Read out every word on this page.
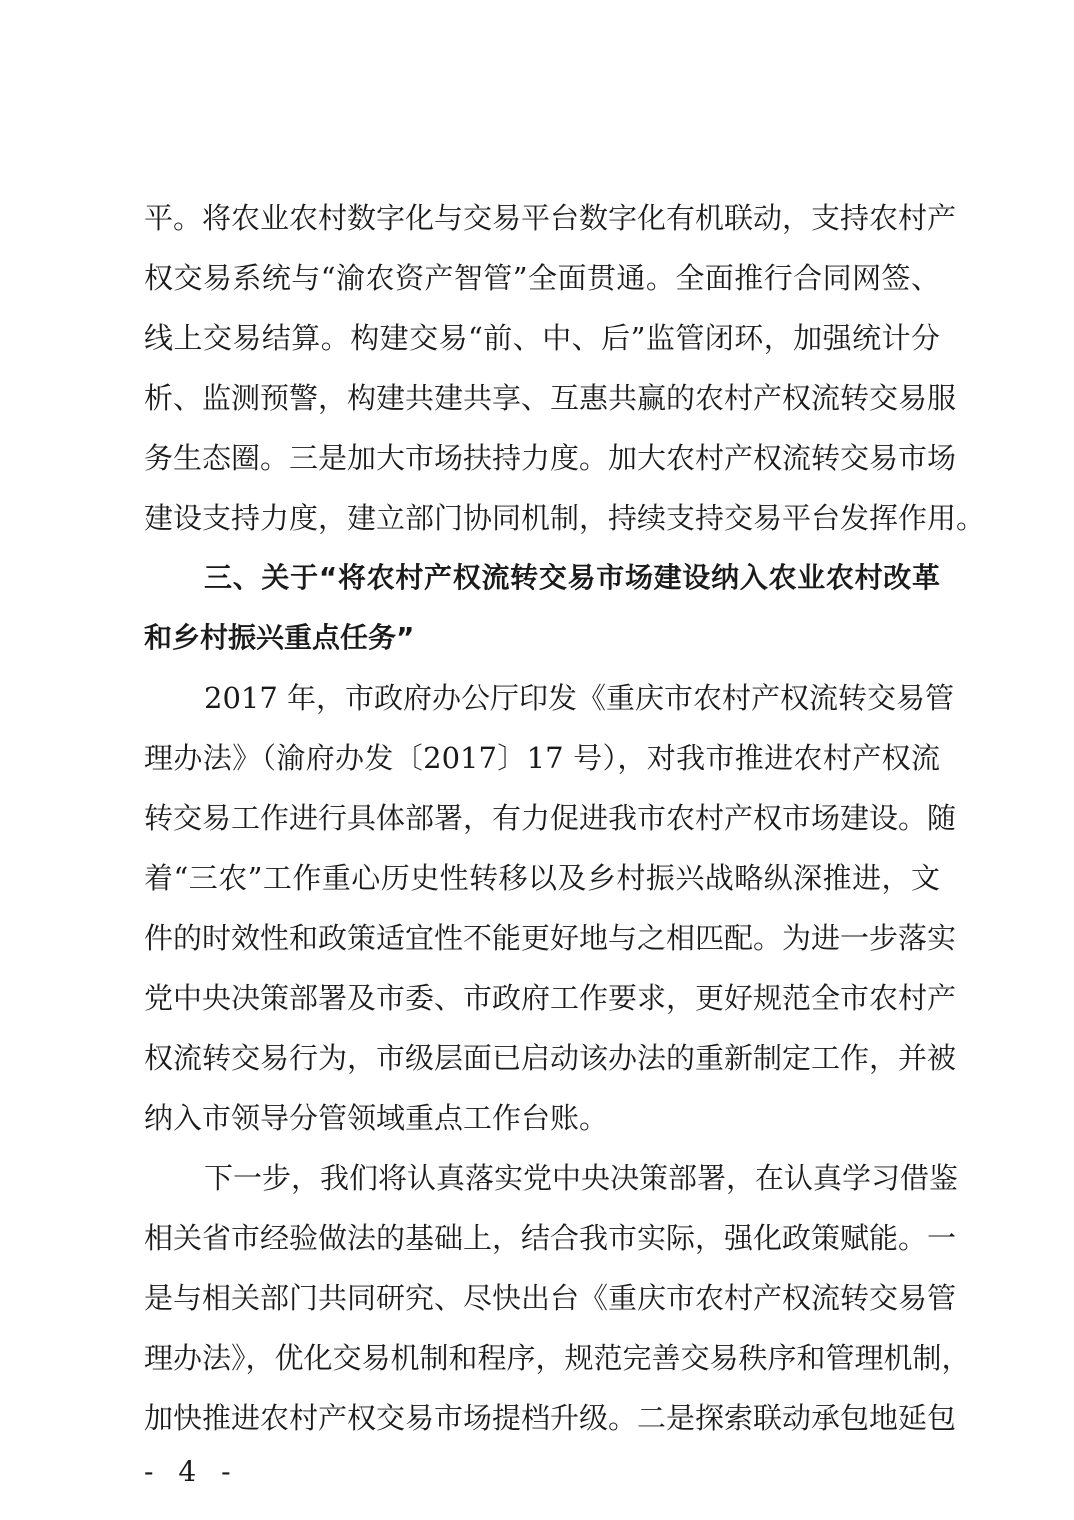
平。将农业农村数字化与交易平台数字化有机联动，支持农村产
权交易系统与“渝农资产智管”全面贯通。全面推行合同网签、
线上交易结算。构建交易“前、中、后”监管闭环，加强统计分
析、监测预警，构建共建共享、互惠共赢的农村产权流转交易服
务生态圈。三是加大市场扶持力度。加大农村产权流转交易市场
建设支持力度，建立部门协同机制，持续支持交易平台发挥作用。
三、关于“将农村产权流转交易市场建设纳入农业农村改革
和乡村振兴重点任务”
2017 年，市政府办公厅印发《重庆市农村产权流转交易管
理办法》（渝府办发〔2017〕17 号），对我市推进农村产权流
转交易工作进行具体部署，有力促进我市农村产权市场建设。随
着“三农”工作重心历史性转移以及乡村振兴战略纵深推进，文
件的时效性和政策适宜性不能更好地与之相匹配。为进一步落实
党中央决策部署及市委、市政府工作要求，更好规范全市农村产
权流转交易行为，市级层面已启动该办法的重新制定工作，并被
纳入市领导分管领域重点工作台账。
下一步，我们将认真落实党中央决策部署，在认真学习借鉴
相关省市经验做法的基础上，结合我市实际，强化政策赋能。一
是与相关部门共同研究、尽快出台《重庆市农村产权流转交易管
理办法》，优化交易机制和程序，规范完善交易秩序和管理机制，
加快推进农村产权交易市场提档升级。二是探索联动承包地延包
- 4 -
